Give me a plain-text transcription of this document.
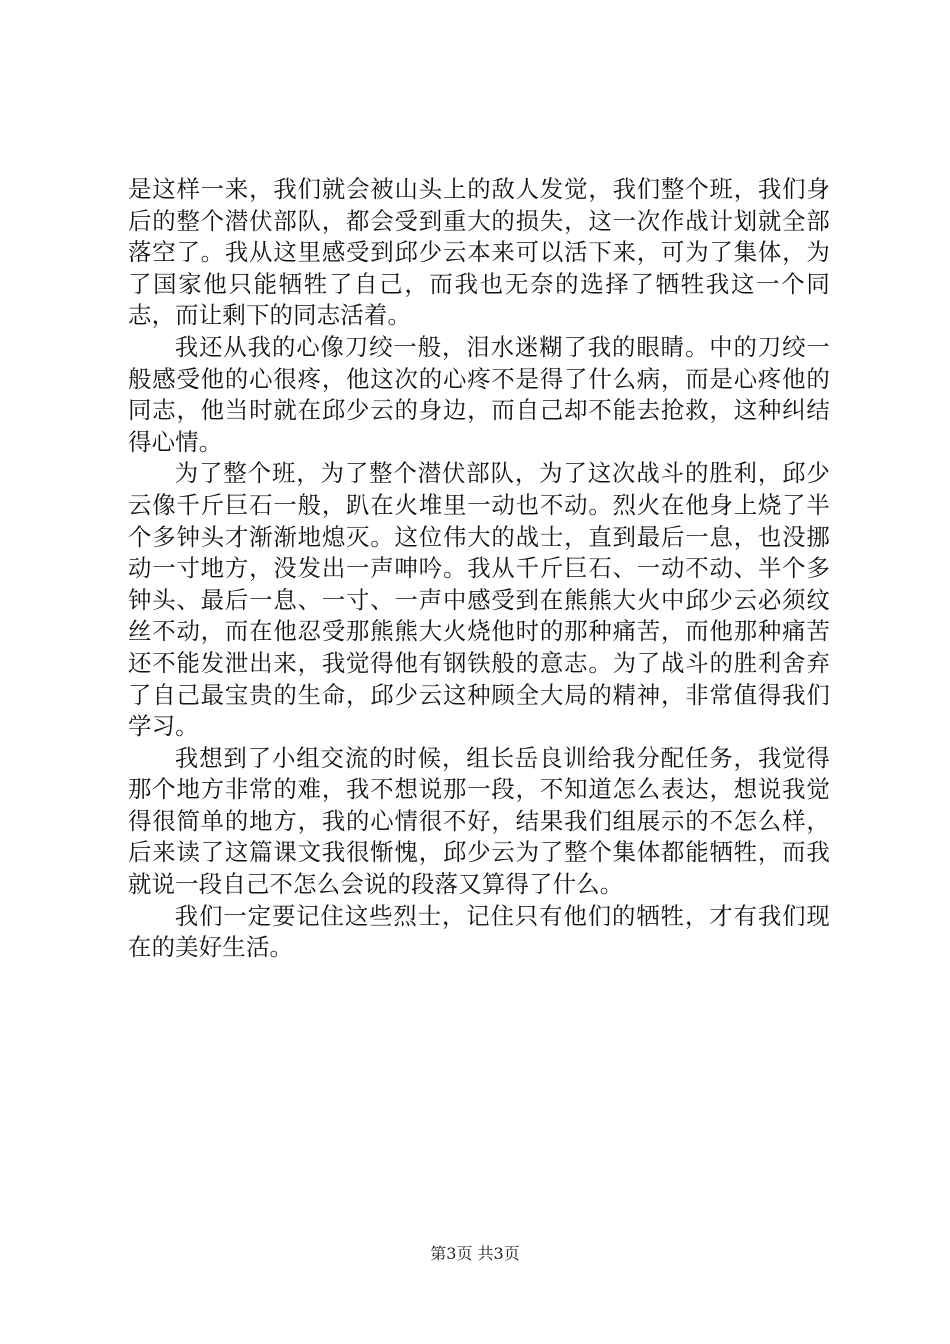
是这样一来，我们就会被山头上的敌人发觉，我们整个班，我们身后的整个潜伏部队，都会受到重大的损失，这一次作战计划就全部落空了。我从这里感受到邱少云本来可以活下来，可为了集体，为了国家他只能牺牲了自己，而我也无奈的选择了牺牲我这一个同志，而让剩下的同志活着。

我还从我的心像刀绞一般，泪水迷糊了我的眼睛。中的刀绞一般感受他的心很疼，他这次的心疼不是得了什么病，而是心疼他的同志，他当时就在邱少云的身边，而自己却不能去抢救，这种纠结得心情。

为了整个班，为了整个潜伏部队，为了这次战斗的胜利，邱少云像千斤巨石一般，趴在火堆里一动也不动。烈火在他身上烧了半个多钟头才渐渐地熄灭。这位伟大的战士，直到最后一息，也没挪动一寸地方，没发出一声呻吟。我从千斤巨石、一动不动、半个多钟头、最后一息、一寸、一声中感受到在熊熊大火中邱少云必须纹丝不动，而在他忍受那熊熊大火烧他时的那种痛苦，而他那种痛苦还不能发泄出来，我觉得他有钢铁般的意志。为了战斗的胜利舍弃了自己最宝贵的生命，邱少云这种顾全大局的精神，非常值得我们学习。

我想到了小组交流的时候，组长岳良训给我分配任务，我觉得那个地方非常的难，我不想说那一段，不知道怎么表达，想说我觉得很简单的地方，我的心情很不好，结果我们组展示的不怎么样，后来读了这篇课文我很惭愧，邱少云为了整个集体都能牺牲，而我就说一段自己不怎么会说的段落又算得了什么。

我们一定要记住这些烈士，记住只有他们的牺牲，才有我们现在的美好生活。

第3页 共3页
